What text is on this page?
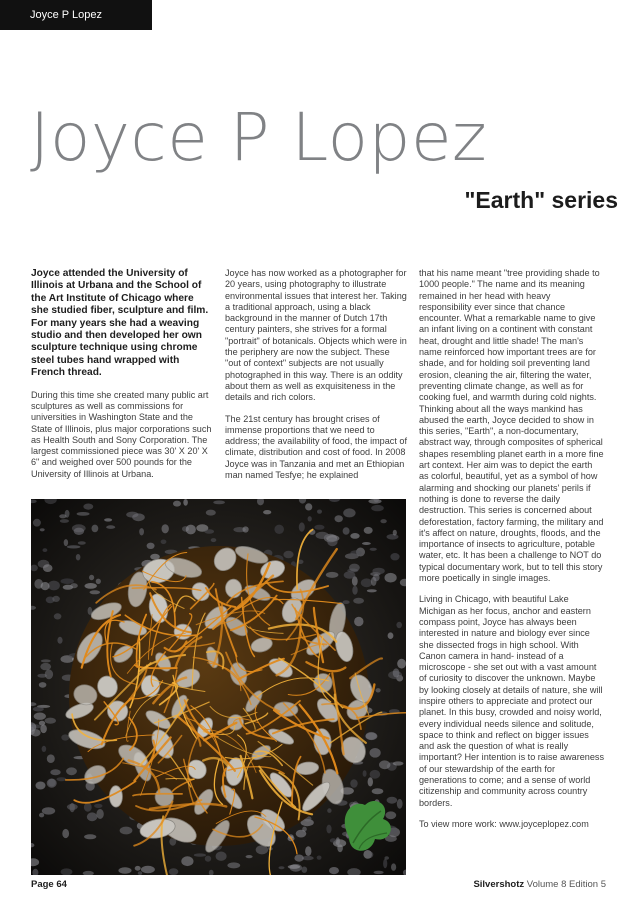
Joyce P Lopez
Joyce P Lopez
"Earth" series

Joyce attended the University of Illinois at Urbana and the School of the Art Institute of Chicago where she studied fiber, sculpture and film. For many years she had a weaving studio and then developed her own sculpture technique using chrome steel tubes hand wrapped with French thread.

During this time she created many public art sculptures as well as commissions for universities in Washington State and the State of Illinois, plus major corporations such as Health South and Sony Corporation. The largest commissioned piece was 30' X 20' X 6" and weighed over 500 pounds for the University of Illinois at Urbana.

Joyce has now worked as a photographer for 20 years, using photography to illustrate environmental issues that interest her. Taking a traditional approach, using a black background in the manner of Dutch 17th century painters, she strives for a formal "portrait" of botanicals. Objects which were in the periphery are now the subject. These "out of context" subjects are not usually photographed in this way. There is an oddity about them as well as exquisiteness in the details and rich colors.

The 21st century has brought crises of immense proportions that we need to address; the availability of food, the impact of climate, distribution and cost of food. In 2008 Joyce was in Tanzania and met an Ethiopian man named Tesfye; he explained

that his name meant "tree providing shade to 1000 people." The name and its meaning remained in her head with heavy responsibility ever since that chance encounter. What a remarkable name to give an infant living on a continent with constant heat, drought and little shade! The man's name reinforced how important trees are for shade, and for holding soil preventing land erosion, cleaning the air, filtering the water, preventing climate change, as well as for cooking fuel, and warmth during cold nights. Thinking about all the ways mankind has abused the earth, Joyce decided to show in this series, "Earth", a non-documentary, abstract way, through composites of spherical shapes resembling planet earth in a more fine art context. Her aim was to depict the earth as colorful, beautiful, yet as a symbol of how alarming and shocking our planets' perils if nothing is done to reverse the daily destruction. This series is concerned about deforestation, factory farming, the military and it's affect on nature, droughts, floods, and the importance of insects to agriculture, potable water, etc. It has been a challenge to NOT do typical documentary work, but to tell this story more poetically in single images.

Living in Chicago, with beautiful Lake Michigan as her focus, anchor and eastern compass point, Joyce has always been interested in nature and biology ever since she dissected frogs in high school. With Canon camera in hand- instead of a microscope - she set out with a vast amount of curiosity to discover the unknown. Maybe by looking closely at details of nature, she will inspire others to appreciate and protect our planet. In this busy, crowded and noisy world, every individual needs silence and solitude, space to think and reflect on bigger issues and ask the question of what is really important? Her intention is to raise awareness of our stewardship of the earth for generations to come; and a sense of world citizenship and community across country borders.

To view more work: www.joyceplopez.com

Page 64	Silvershotz Volume 8 Edition 5
